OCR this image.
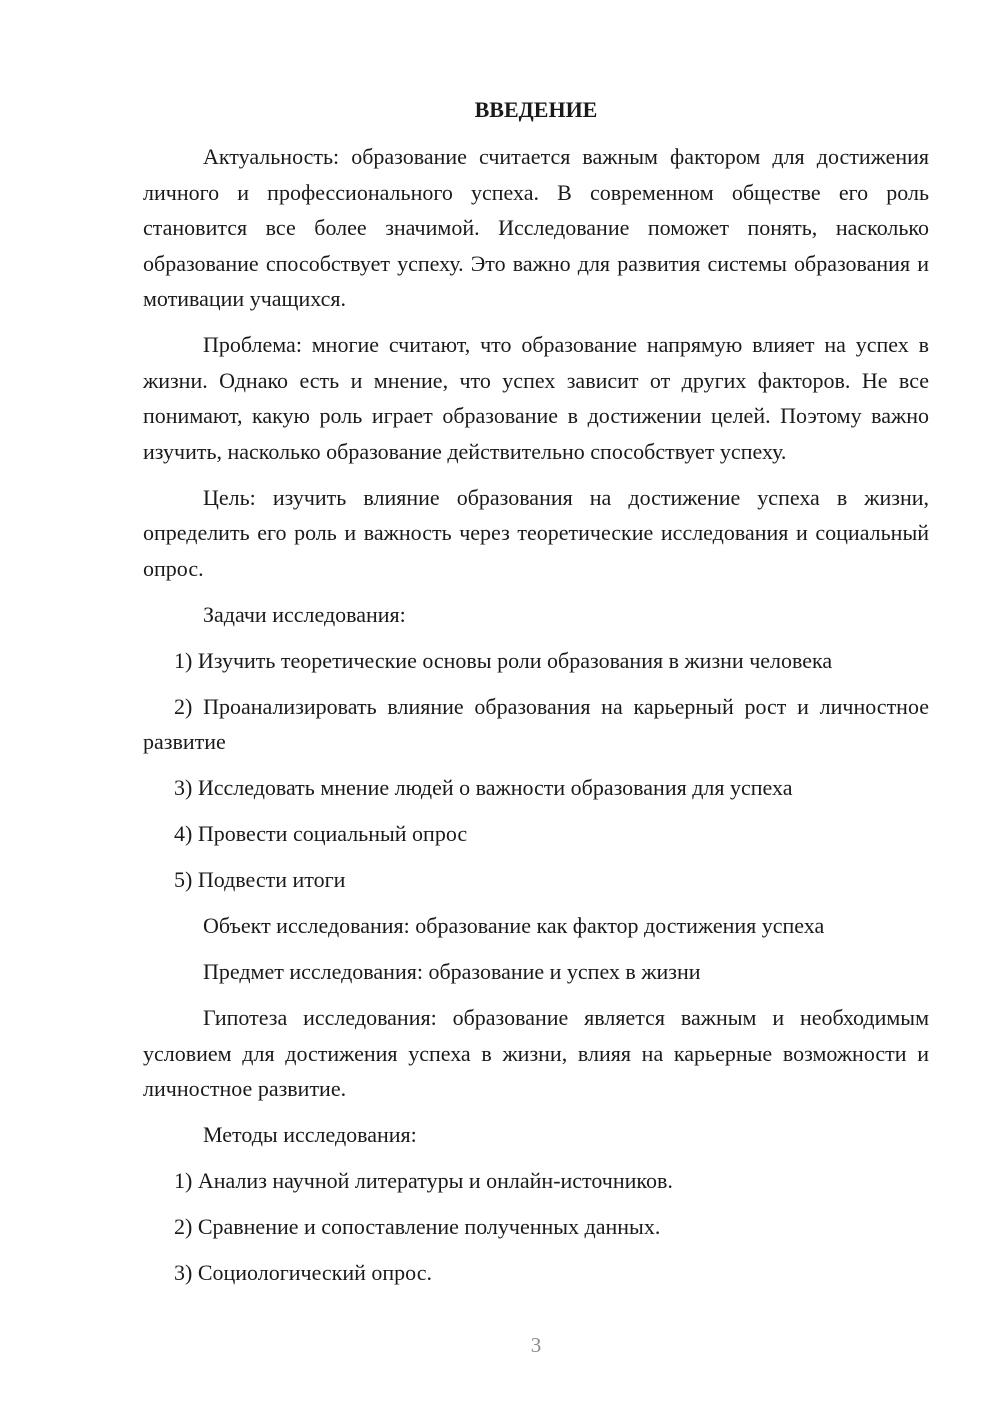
ВВЕДЕНИЕ

Актуальность: образование считается важным фактором для достижения личного и профессионального успеха. В современном обществе его роль становится все более значимой. Исследование поможет понять, насколько образование способствует успеху. Это важно для развития системы образования и мотивации учащихся.

Проблема: многие считают, что образование напрямую влияет на успех в жизни. Однако есть и мнение, что успех зависит от других факторов. Не все понимают, какую роль играет образование в достижении целей. Поэтому важно изучить, насколько образование действительно способствует успеху.

Цель: изучить влияние образования на достижение успеха в жизни, определить его роль и важность через теоретические исследования и социальный опрос.

Задачи исследования:

1) Изучить теоретические основы роли образования в жизни человека

2) Проанализировать влияние образования на карьерный рост и личностное развитие

3) Исследовать мнение людей о важности образования для успеха

4) Провести социальный опрос

5) Подвести итоги

Объект исследования: образование как фактор достижения успеха

Предмет исследования: образование и успех в жизни

Гипотеза исследования: образование является важным и необходимым условием для достижения успеха в жизни, влияя на карьерные возможности и личностное развитие.

Методы исследования:

1) Анализ научной литературы и онлайн-источников.

2) Сравнение и сопоставление полученных данных.

3) Социологический опрос.

3
